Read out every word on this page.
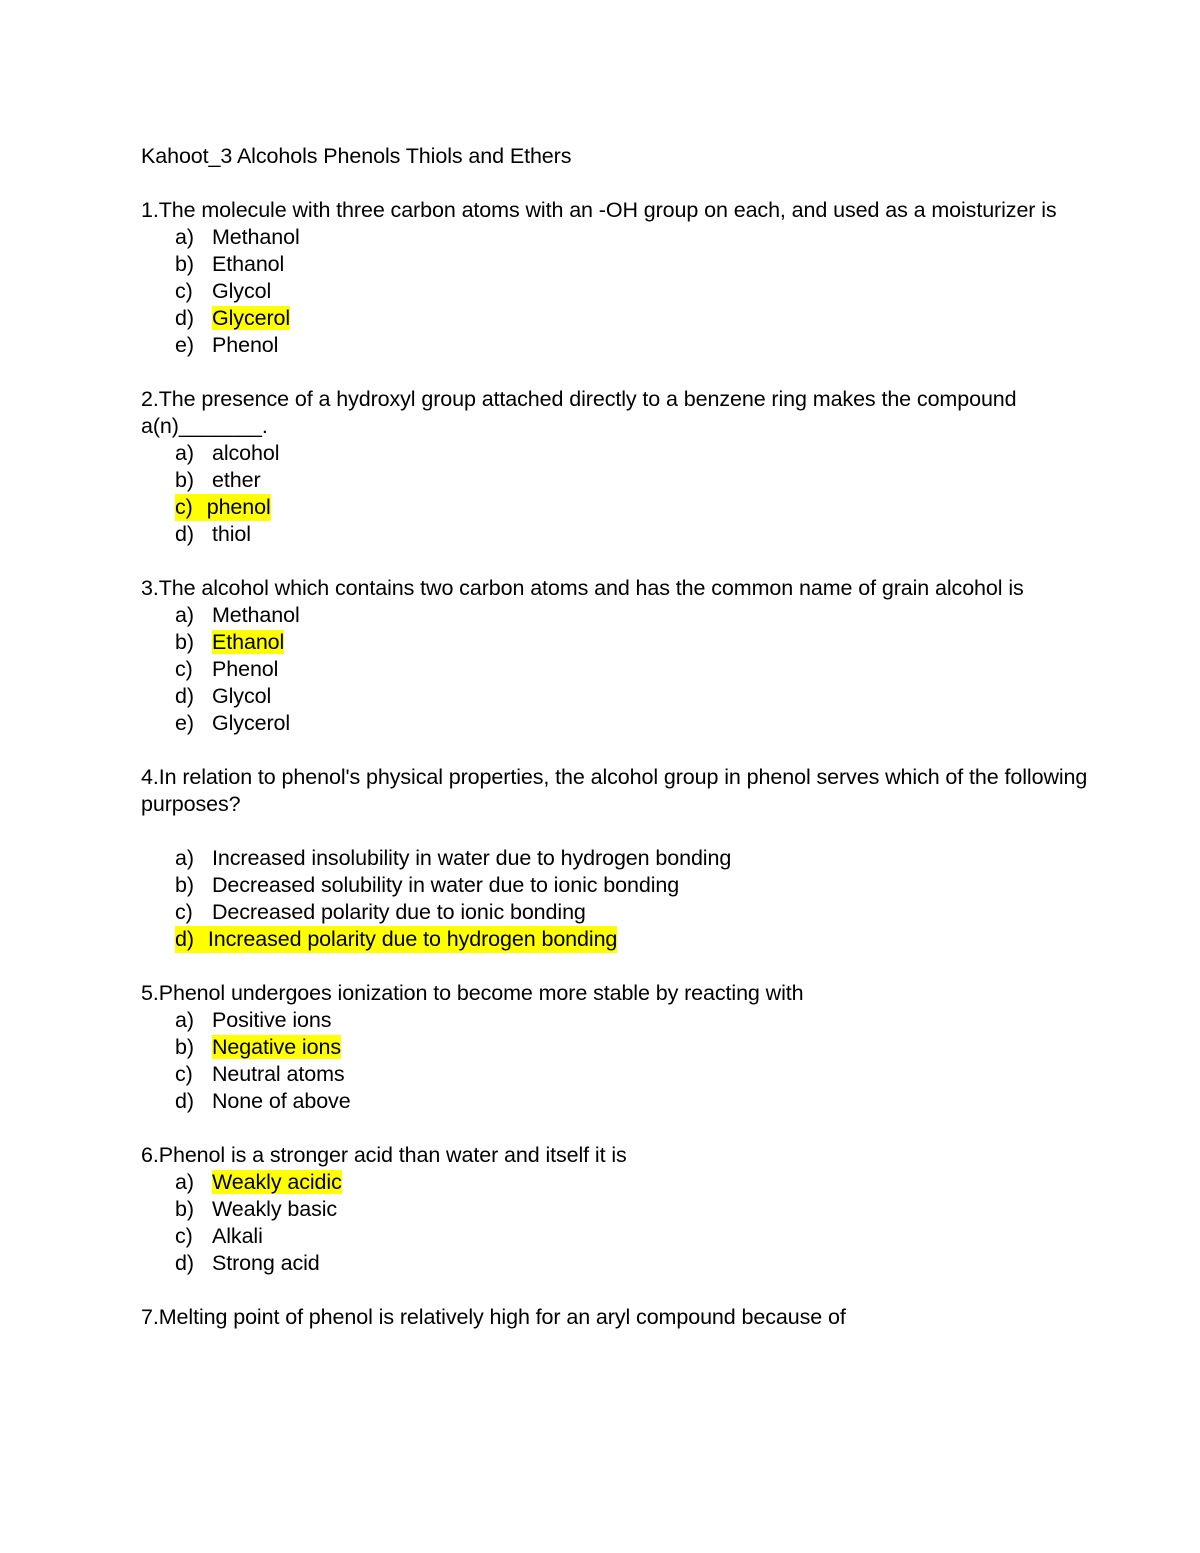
Kahoot_3 Alcohols Phenols Thiols and Ethers

1.The molecule with three carbon atoms with an -OH group on each, and used as a moisturizer is

a) Methanol
b) Ethanol
c) Glycol
d) Glycerol
e) Phenol

2.The presence of a hydroxyl group attached directly to a benzene ring makes the compound a(n)_______.

a) alcohol
b) ether
c) phenol
d) thiol

3.The alcohol which contains two carbon atoms and has the common name of grain alcohol is

a) Methanol
b) Ethanol
c) Phenol
d) Glycol
e) Glycerol

4.In relation to phenol's physical properties, the alcohol group in phenol serves which of the following purposes?

a) Increased insolubility in water due to hydrogen bonding
b) Decreased solubility in water due to ionic bonding
c) Decreased polarity due to ionic bonding
d) Increased polarity due to hydrogen bonding

5.Phenol undergoes ionization to become more stable by reacting with

a) Positive ions
b) Negative ions
c) Neutral atoms
d) None of above

6.Phenol is a stronger acid than water and itself it is

a) Weakly acidic
b) Weakly basic
c) Alkali
d) Strong acid

7.Melting point of phenol is relatively high for an aryl compound because of
